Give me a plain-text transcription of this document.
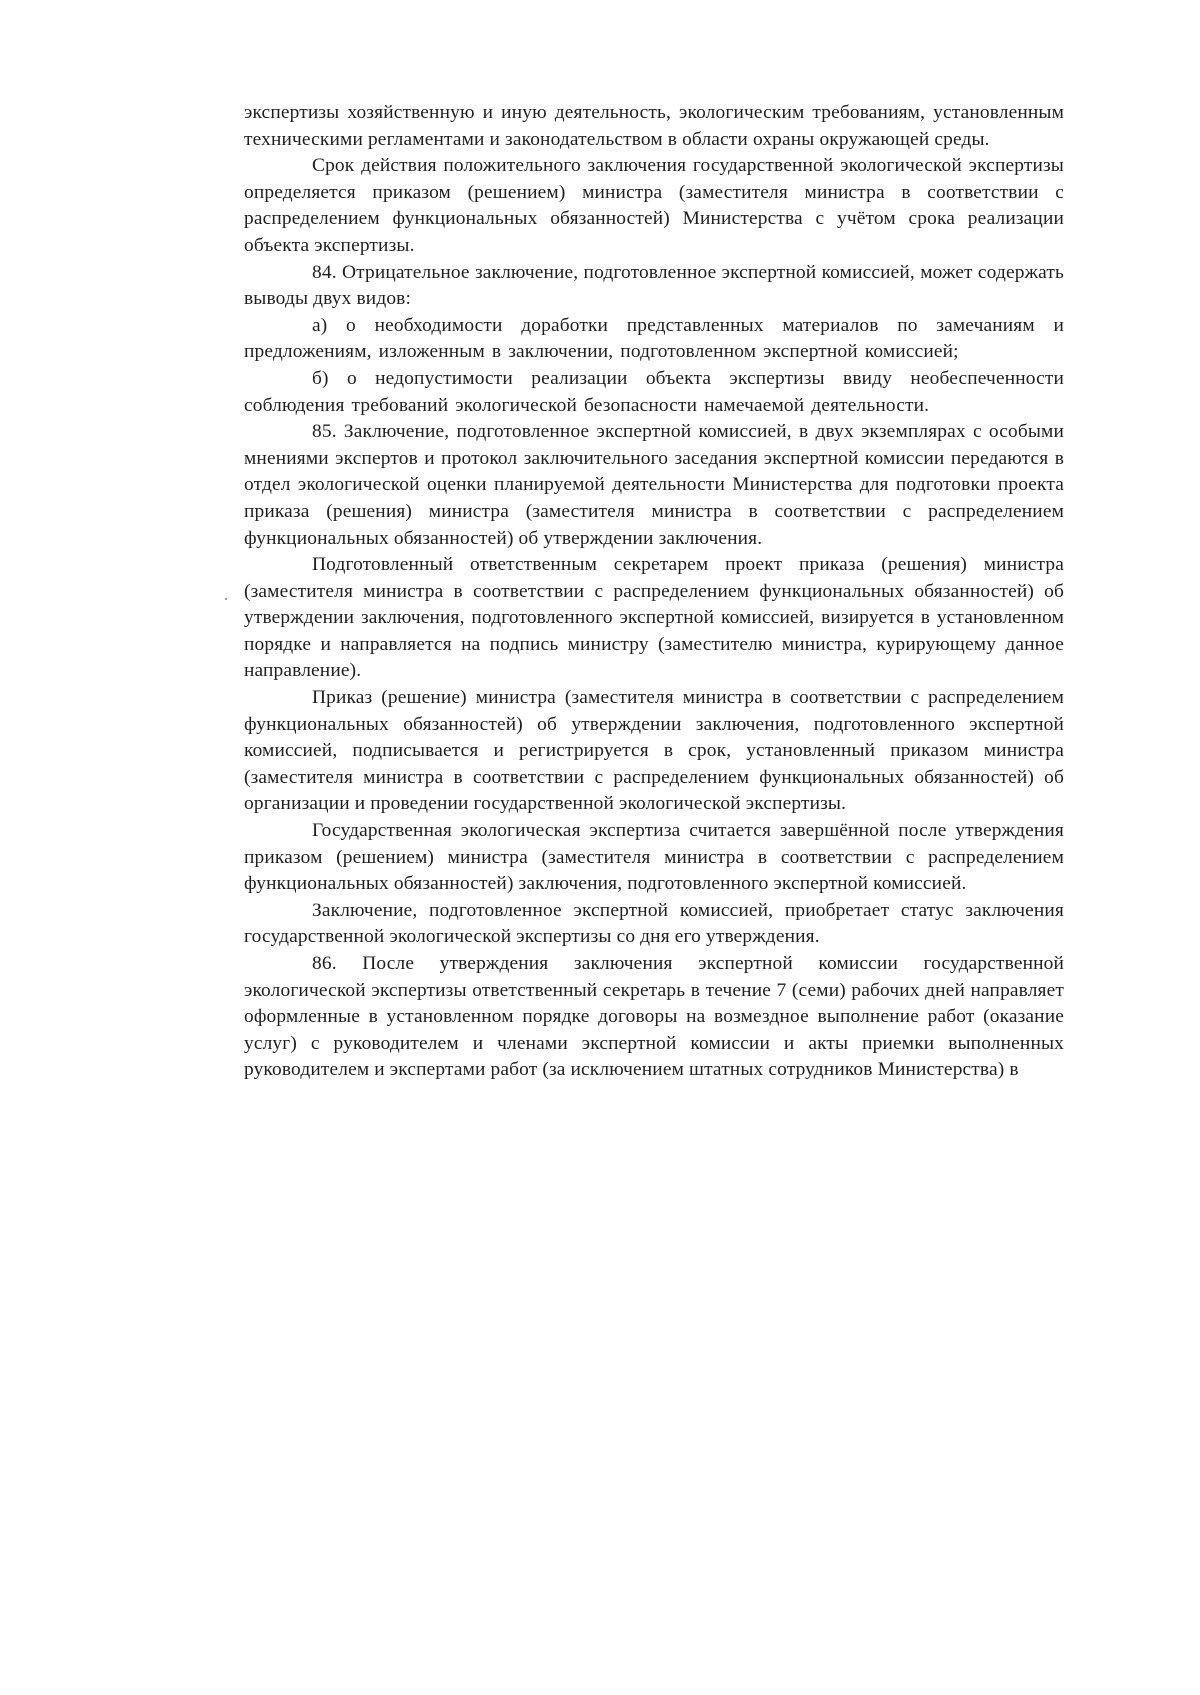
экспертизы хозяйственную и иную деятельность, экологическим требованиям, установленным техническими регламентами и законодательством в области охраны окружающей среды.

Срок действия положительного заключения государственной экологической экспертизы определяется приказом (решением) министра (заместителя министра в соответствии с распределением функциональных обязанностей) Министерства с учётом срока реализации объекта экспертизы.

84. Отрицательное заключение, подготовленное экспертной комиссией, может содержать выводы двух видов:

а) о необходимости доработки представленных материалов по замечаниям и предложениям, изложенным в заключении, подготовленном экспертной комиссией;

б) о недопустимости реализации объекта экспертизы ввиду необеспеченности соблюдения требований экологической безопасности намечаемой деятельности.

85. Заключение, подготовленное экспертной комиссией, в двух экземплярах с особыми мнениями экспертов и протокол заключительного заседания экспертной комиссии передаются в отдел экологической оценки планируемой деятельности Министерства для подготовки проекта приказа (решения) министра (заместителя министра в соответствии с распределением функциональных обязанностей) об утверждении заключения.

Подготовленный ответственным секретарем проект приказа (решения) министра (заместителя министра в соответствии с распределением функциональных обязанностей) об утверждении заключения, подготовленного экспертной комиссией, визируется в установленном порядке и направляется на подпись министру (заместителю министра, курирующему данное направление).

Приказ (решение) министра (заместителя министра в соответствии с распределением функциональных обязанностей) об утверждении заключения, подготовленного экспертной комиссией, подписывается и регистрируется в срок, установленный приказом министра (заместителя министра в соответствии с распределением функциональных обязанностей) об организации и проведении государственной экологической экспертизы.

Государственная экологическая экспертиза считается завершённой после утверждения приказом (решением) министра (заместителя министра в соответствии с распределением функциональных обязанностей) заключения, подготовленного экспертной комиссией.

Заключение, подготовленное экспертной комиссией, приобретает статус заключения государственной экологической экспертизы со дня его утверждения.

86. После утверждения заключения экспертной комиссии государственной экологической экспертизы ответственный секретарь в течение 7 (семи) рабочих дней направляет оформленные в установленном порядке договоры на возмездное выполнение работ (оказание услуг) с руководителем и членами экспертной комиссии и акты приемки выполненных руководителем и экспертами работ (за исключением штатных сотрудников Министерства) в
